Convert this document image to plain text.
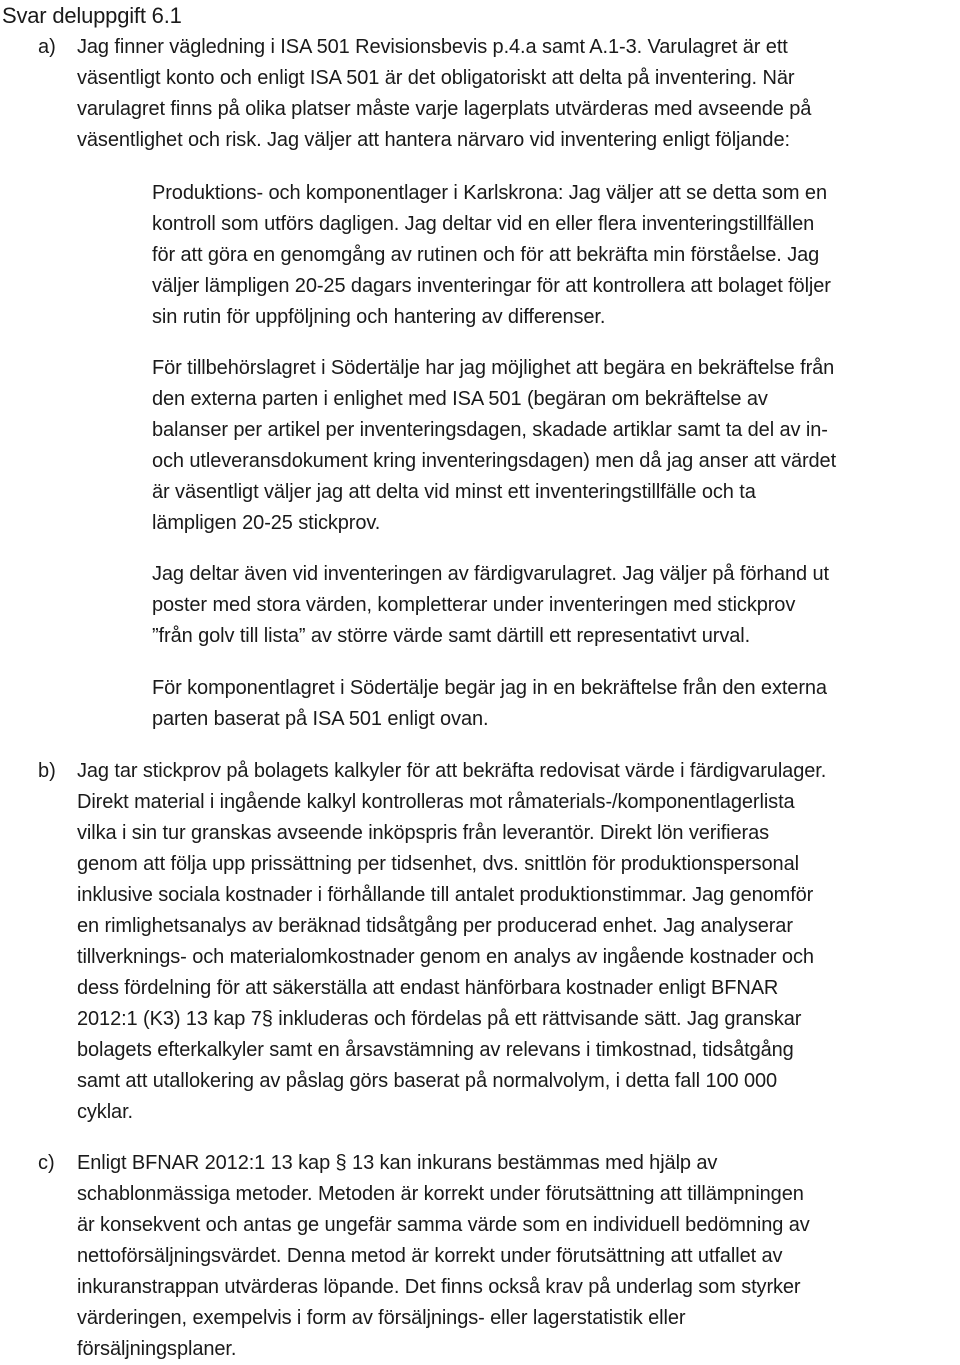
Svar deluppgift 6.1
a) Jag finner vägledning i ISA 501 Revisionsbevis p.4.a samt A.1-3. Varulagret är ett
väsentligt konto och enligt ISA 501 är det obligatoriskt att delta på inventering. När
varulagret finns på olika platser måste varje lagerplats utvärderas med avseende på
väsentlighet och risk. Jag väljer att hantera närvaro vid inventering enligt följande:

Produktions- och komponentlager i Karlskrona: Jag väljer att se detta som en
kontroll som utförs dagligen. Jag deltar vid en eller flera inventeringstillfällen
för att göra en genomgång av rutinen och för att bekräfta min förståelse. Jag
väljer lämpligen 20-25 dagars inventeringar för att kontrollera att bolaget följer
sin rutin för uppföljning och hantering av differenser.

För tillbehörslagret i Södertälje har jag möjlighet att begära en bekräftelse från
den externa parten i enlighet med ISA 501 (begäran om bekräftelse av
balanser per artikel per inventeringsdagen, skadade artiklar samt ta del av in-
och utleveransdokument kring inventeringsdagen) men då jag anser att värdet
är väsentligt väljer jag att delta vid minst ett inventeringstillfälle och ta
lämpligen 20-25 stickprov.

Jag deltar även vid inventeringen av färdigvarulagret. Jag väljer på förhand ut
poster med stora värden, kompletterar under inventeringen med stickprov
”från golv till lista” av större värde samt därtill ett representativt urval.

För komponentlagret i Södertälje begär jag in en bekräftelse från den externa
parten baserat på ISA 501 enligt ovan.

b) Jag tar stickprov på bolagets kalkyler för att bekräfta redovisat värde i färdigvarulager.
Direkt material i ingående kalkyl kontrolleras mot råmaterials-/komponentlagerlista
vilka i sin tur granskas avseende inköpspris från leverantör. Direkt lön verifieras
genom att följa upp prissättning per tidsenhet, dvs. snittlön för produktionspersonal
inklusive sociala kostnader i förhållande till antalet produktionstimmar. Jag genomför
en rimlighetsanalys av beräknad tidsåtgång per producerad enhet. Jag analyserar
tillverknings- och materialomkostnader genom en analys av ingående kostnader och
dess fördelning för att säkerställa att endast hänförbara kostnader enligt BFNAR
2012:1 (K3) 13 kap 7§ inkluderas och fördelas på ett rättvisande sätt. Jag granskar
bolagets efterkalkyler samt en årsavstämning av relevans i timkostnad, tidsåtgång
samt att utallokering av påslag görs baserat på normalvolym, i detta fall 100 000
cyklar.

c) Enligt BFNAR 2012:1 13 kap § 13 kan inkurans bestämmas med hjälp av
schablonmässiga metoder. Metoden är korrekt under förutsättning att tillämpningen
är konsekvent och antas ge ungefär samma värde som en individuell bedömning av
nettoförsäljningsvärdet. Denna metod är korrekt under förutsättning att utfallet av
inkuranstrappan utvärderas löpande. Det finns också krav på underlag som styrker
värderingen, exempelvis i form av försäljnings- eller lagerstatistik eller
försäljningsplaner.
